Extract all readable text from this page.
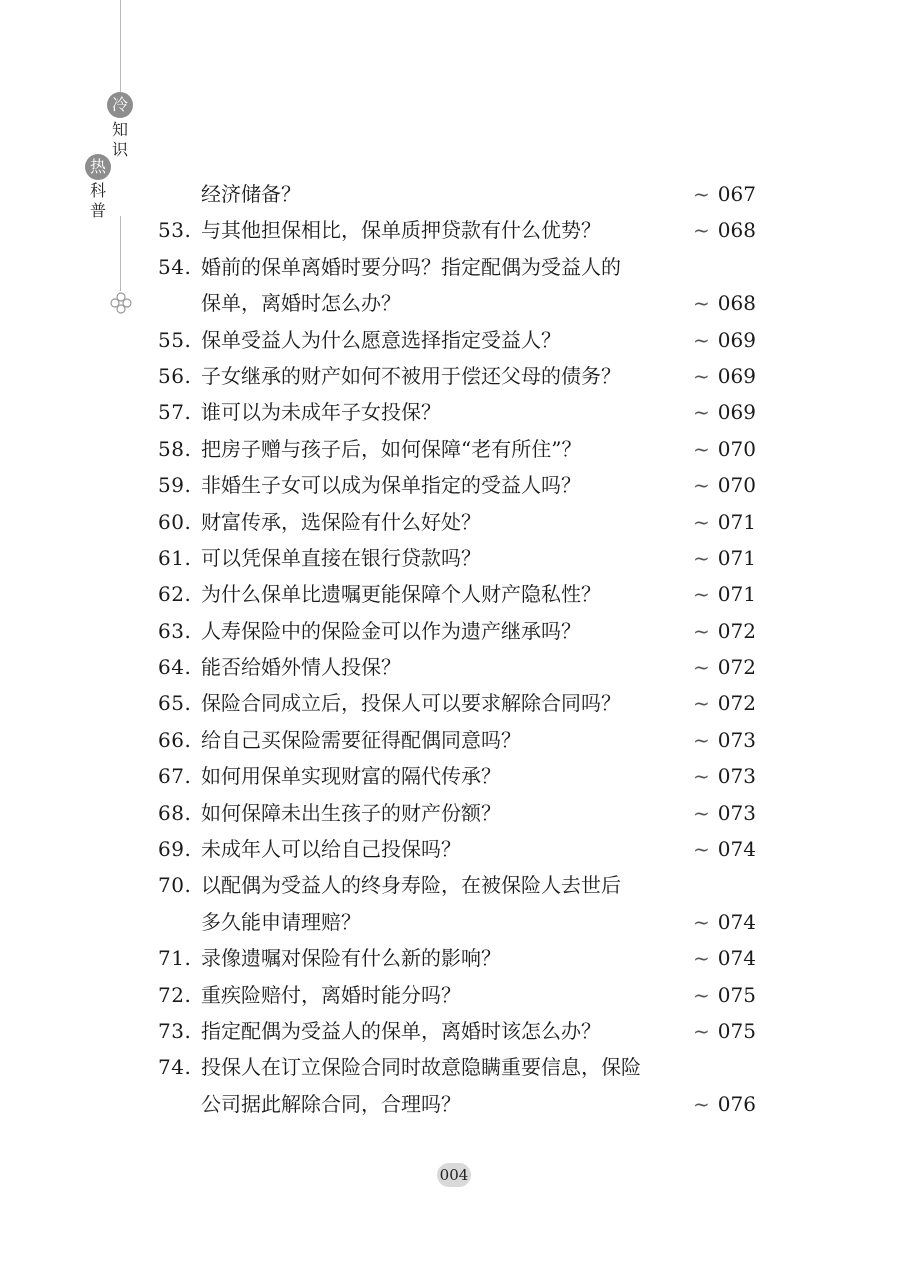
冷
知
识
热
科
普
经济储备？	~ 067
53. 与其他担保相比，保单质押贷款有什么优势？	~ 068
54. 婚前的保单离婚时要分吗？指定配偶为受益人的
保单，离婚时怎么办？	~ 068
55. 保单受益人为什么愿意选择指定受益人？	~ 069
56. 子女继承的财产如何不被用于偿还父母的债务？	~ 069
57. 谁可以为未成年子女投保？	~ 069
58. 把房子赠与孩子后，如何保障“老有所住”？	~ 070
59. 非婚生子女可以成为保单指定的受益人吗？	~ 070
60. 财富传承，选保险有什么好处？	~ 071
61. 可以凭保单直接在银行贷款吗？	~ 071
62. 为什么保单比遗嘱更能保障个人财产隐私性？	~ 071
63. 人寿保险中的保险金可以作为遗产继承吗？	~ 072
64. 能否给婚外情人投保？	~ 072
65. 保险合同成立后，投保人可以要求解除合同吗？	~ 072
66. 给自己买保险需要征得配偶同意吗？	~ 073
67. 如何用保单实现财富的隔代传承？	~ 073
68. 如何保障未出生孩子的财产份额？	~ 073
69. 未成年人可以给自己投保吗？	~ 074
70. 以配偶为受益人的终身寿险，在被保险人去世后
多久能申请理赔？	~ 074
71. 录像遗嘱对保险有什么新的影响？	~ 074
72. 重疾险赔付，离婚时能分吗？	~ 075
73. 指定配偶为受益人的保单，离婚时该怎么办？	~ 075
74. 投保人在订立保险合同时故意隐瞒重要信息，保险
公司据此解除合同，合理吗？	~ 076
004
